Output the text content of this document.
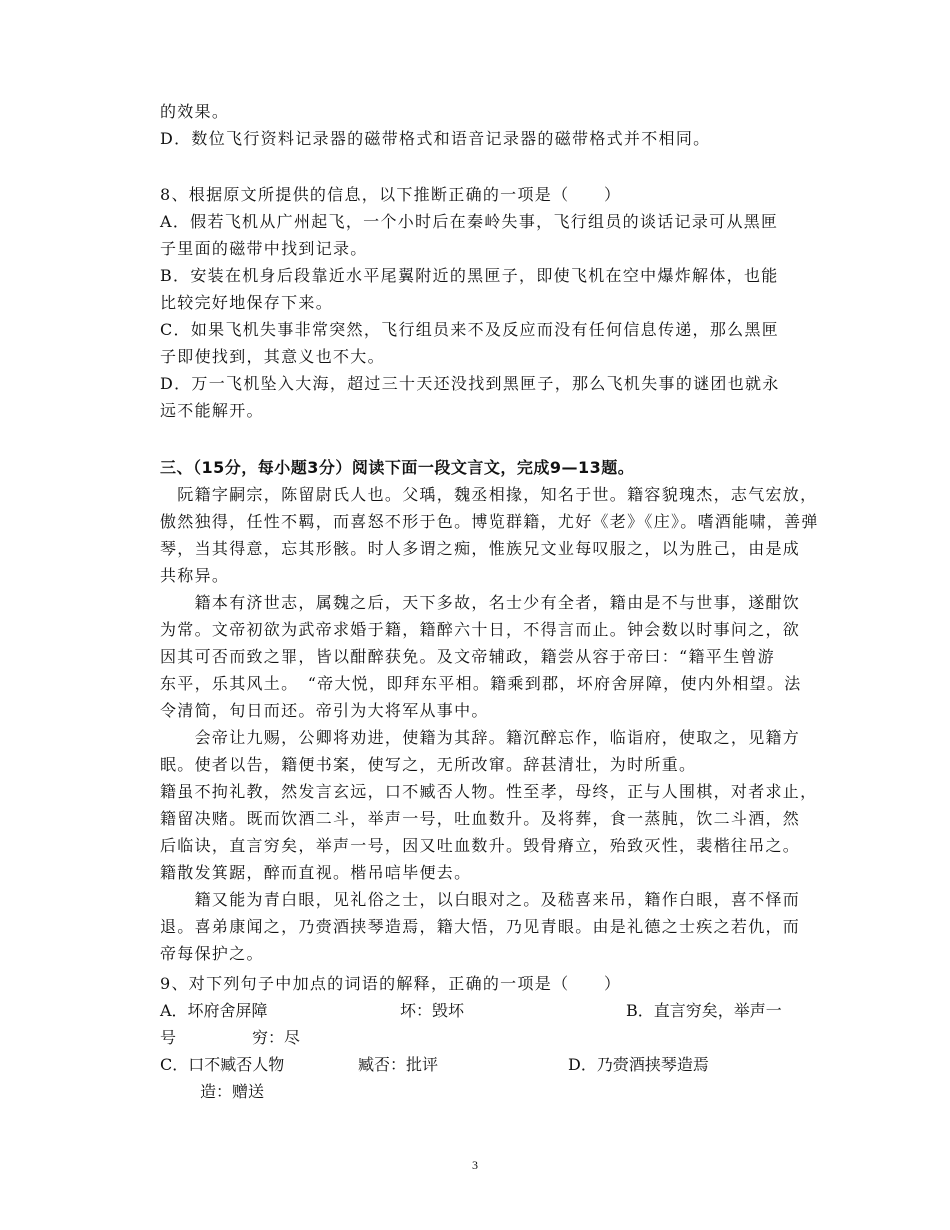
的效果。
D．数位飞行资料记录器的磁带格式和语音记录器的磁带格式并不相同。
8、根据原文所提供的信息，以下推断正确的一项是（　　）
A．假若飞机从广州起飞，一个小时后在秦岭失事，飞行组员的谈话记录可从黑匣
子里面的磁带中找到记录。
B．安装在机身后段靠近水平尾翼附近的黑匣子，即使飞机在空中爆炸解体，也能
比较完好地保存下来。
C．如果飞机失事非常突然，飞行组员来不及反应而没有任何信息传递，那么黑匣
子即使找到，其意义也不大。
D．万一飞机坠入大海，超过三十天还没找到黑匣子，那么飞机失事的谜团也就永
远不能解开。
三、（15分，每小题3分）阅读下面一段文言文，完成9—13题。
　阮籍字嗣宗，陈留尉氏人也。父瑀，魏丞相掾，知名于世。籍容貌瑰杰，志气宏放，
傲然独得，任性不羁，而喜怒不形于色。博览群籍，尤好《老》《庄》。嗜酒能啸，善弹
琴，当其得意，忘其形骸。时人多谓之痴，惟族兄文业每叹服之，以为胜己，由是成
共称异。
　　籍本有济世志，属魏之后，天下多故，名士少有全者，籍由是不与世事，遂酣饮
为常。文帝初欲为武帝求婚于籍，籍醉六十日，不得言而止。钟会数以时事问之，欲
因其可否而致之罪，皆以酣醉获免。及文帝辅政，籍尝从容于帝曰：“籍平生曾游
东平，乐其风土。　“帝大悦，即拜东平相。籍乘到郡，坏府舍屏障，使内外相望。法
令清简，旬日而还。帝引为大将军从事中。
　　会帝让九赐，公卿将劝进，使籍为其辞。籍沉醉忘作，临诣府，使取之，见籍方
眠。使者以告，籍便书案，使写之，无所改窜。辞甚清壮，为时所重。
籍虽不拘礼教，然发言玄远，口不臧否人物。性至孝，母终，正与人围棋，对者求止，
籍留决赌。既而饮酒二斗，举声一号，吐血数升。及将葬，食一蒸肫，饮二斗酒，然
后临诀，直言穷矣，举声一号，因又吐血数升。毁骨瘠立，殆致灭性，裴楷往吊之。
籍散发箕踞，醉而直视。楷吊唁毕便去。
　　籍又能为青白眼，见礼俗之士，以白眼对之。及嵇喜来吊，籍作白眼，喜不怿而
退。喜弟康闻之，乃赍酒挟琴造焉，籍大悟，乃见青眼。由是礼德之士疾之若仇，而
帝每保护之。
9、对下列句子中加点的词语的解释，正确的一项是（　　）
A．坏府舍屏障	坏：毁坏	B．直言穷矣，举声一
号	穷：尽
C．口不臧否人物	臧否：批评	D．乃赍酒挟琴造焉
造：赠送
3
